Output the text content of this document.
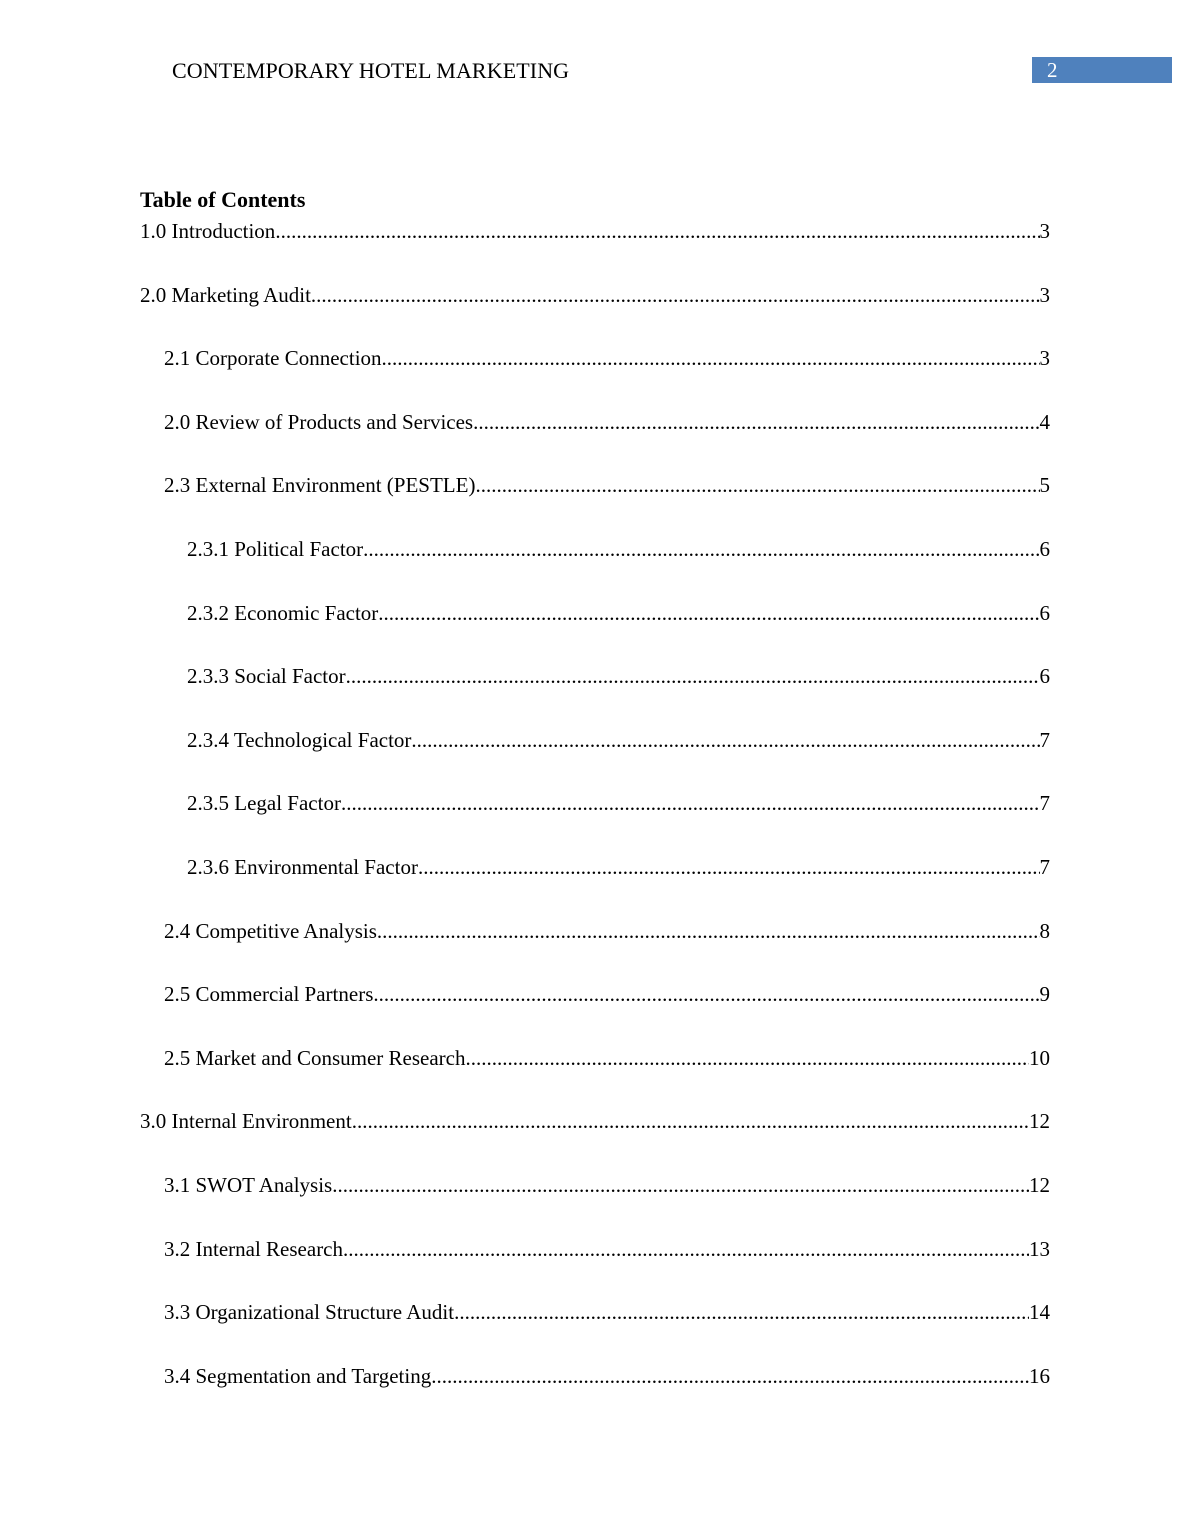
CONTEMPORARY HOTEL MARKETING	2
Table of Contents
1.0 Introduction .....	3
2.0 Marketing Audit .....	3
2.1 Corporate Connection .....	3
2.0 Review of Products and Services .....	4
2.3 External Environment (PESTLE) .....	5
2.3.1 Political Factor .....	6
2.3.2 Economic Factor .....	6
2.3.3 Social Factor .....	6
2.3.4 Technological Factor .....	7
2.3.5 Legal Factor .....	7
2.3.6 Environmental Factor .....	7
2.4 Competitive Analysis .....	8
2.5 Commercial Partners .....	9
2.5 Market and Consumer Research .....	10
3.0 Internal Environment .....	12
3.1 SWOT Analysis .....	12
3.2 Internal Research .....	13
3.3 Organizational Structure Audit .....	14
3.4 Segmentation and Targeting .....	16
